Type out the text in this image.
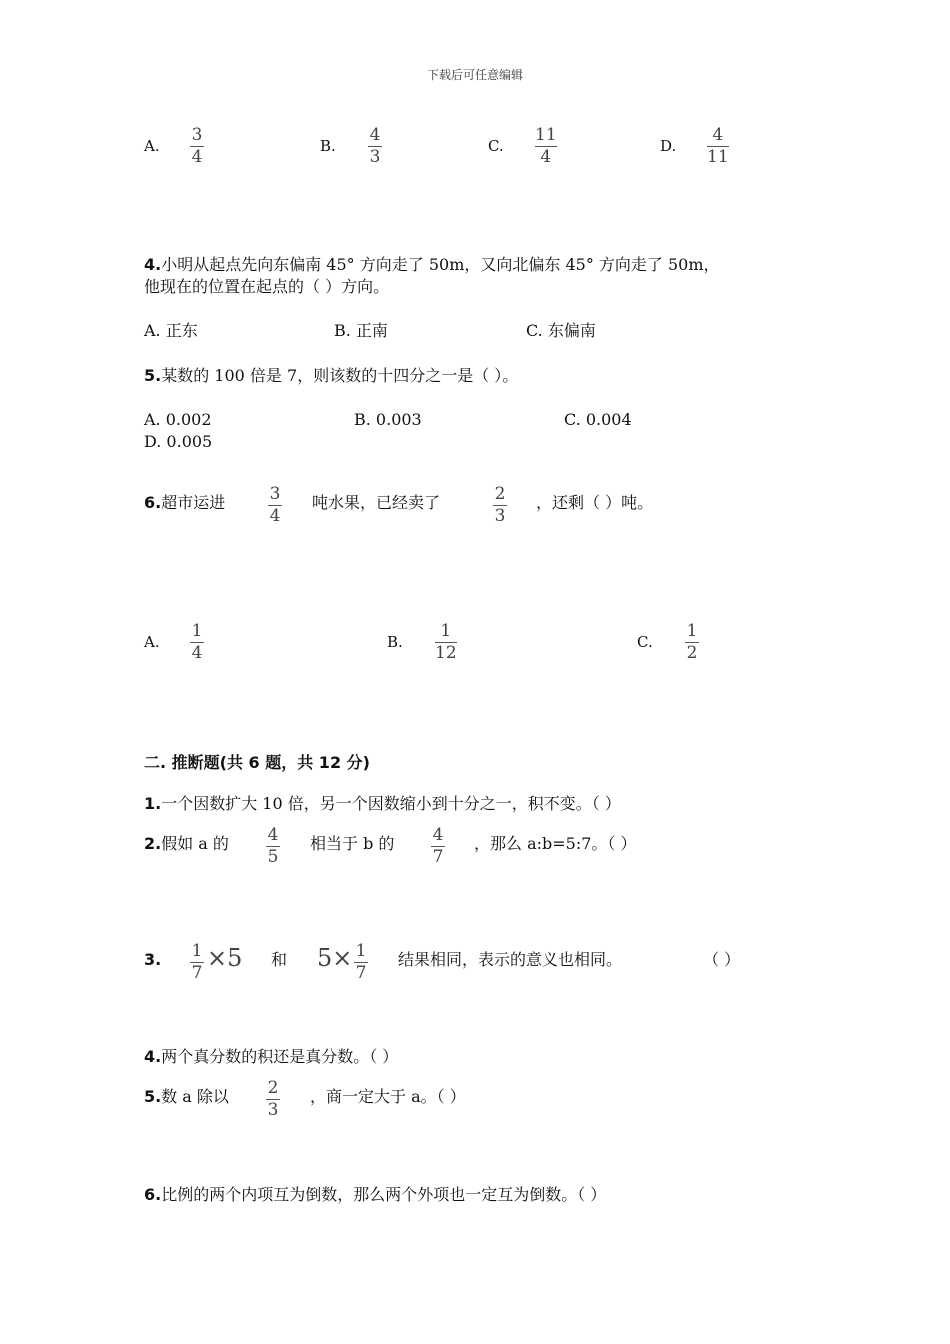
下载后可任意编辑
A.
3
4
B.
4
3
C.
11
4
D.
4
11
4.小明从起点先向东偏南 45° 方向走了 50m，又向北偏东 45° 方向走了 50m，
他现在的位置在起点的（ ）方向。
A. 正东	B. 正南	C. 东偏南
5.某数的 100 倍是 7，则该数的十四分之一是（ ）。
A. 0.002	B. 0.003	C. 0.004
D. 0.005
6.超市运进	3
4
吨水果，已经卖了	2
3
，还剩（ ）吨。
A.
1
4
B.
1
12
C.
1
2
二. 推断题(共 6 题，共 12 分)
1.一个因数扩大 10 倍，另一个因数缩小到十分之一，积不变。（ ）
2.假如 a 的 4
5
相当于 b 的 4
7
，那么 a:b=5:7。（ ）
3. 1
7
×5 和 5× 1
7
结果相同，表示的意义也相同。	（ ）
4.两个真分数的积还是真分数。（ ）
5.数 a 除以 2
3
，商一定大于 a。（ ）
6.比例的两个内项互为倒数，那么两个外项也一定互为倒数。（ ）
